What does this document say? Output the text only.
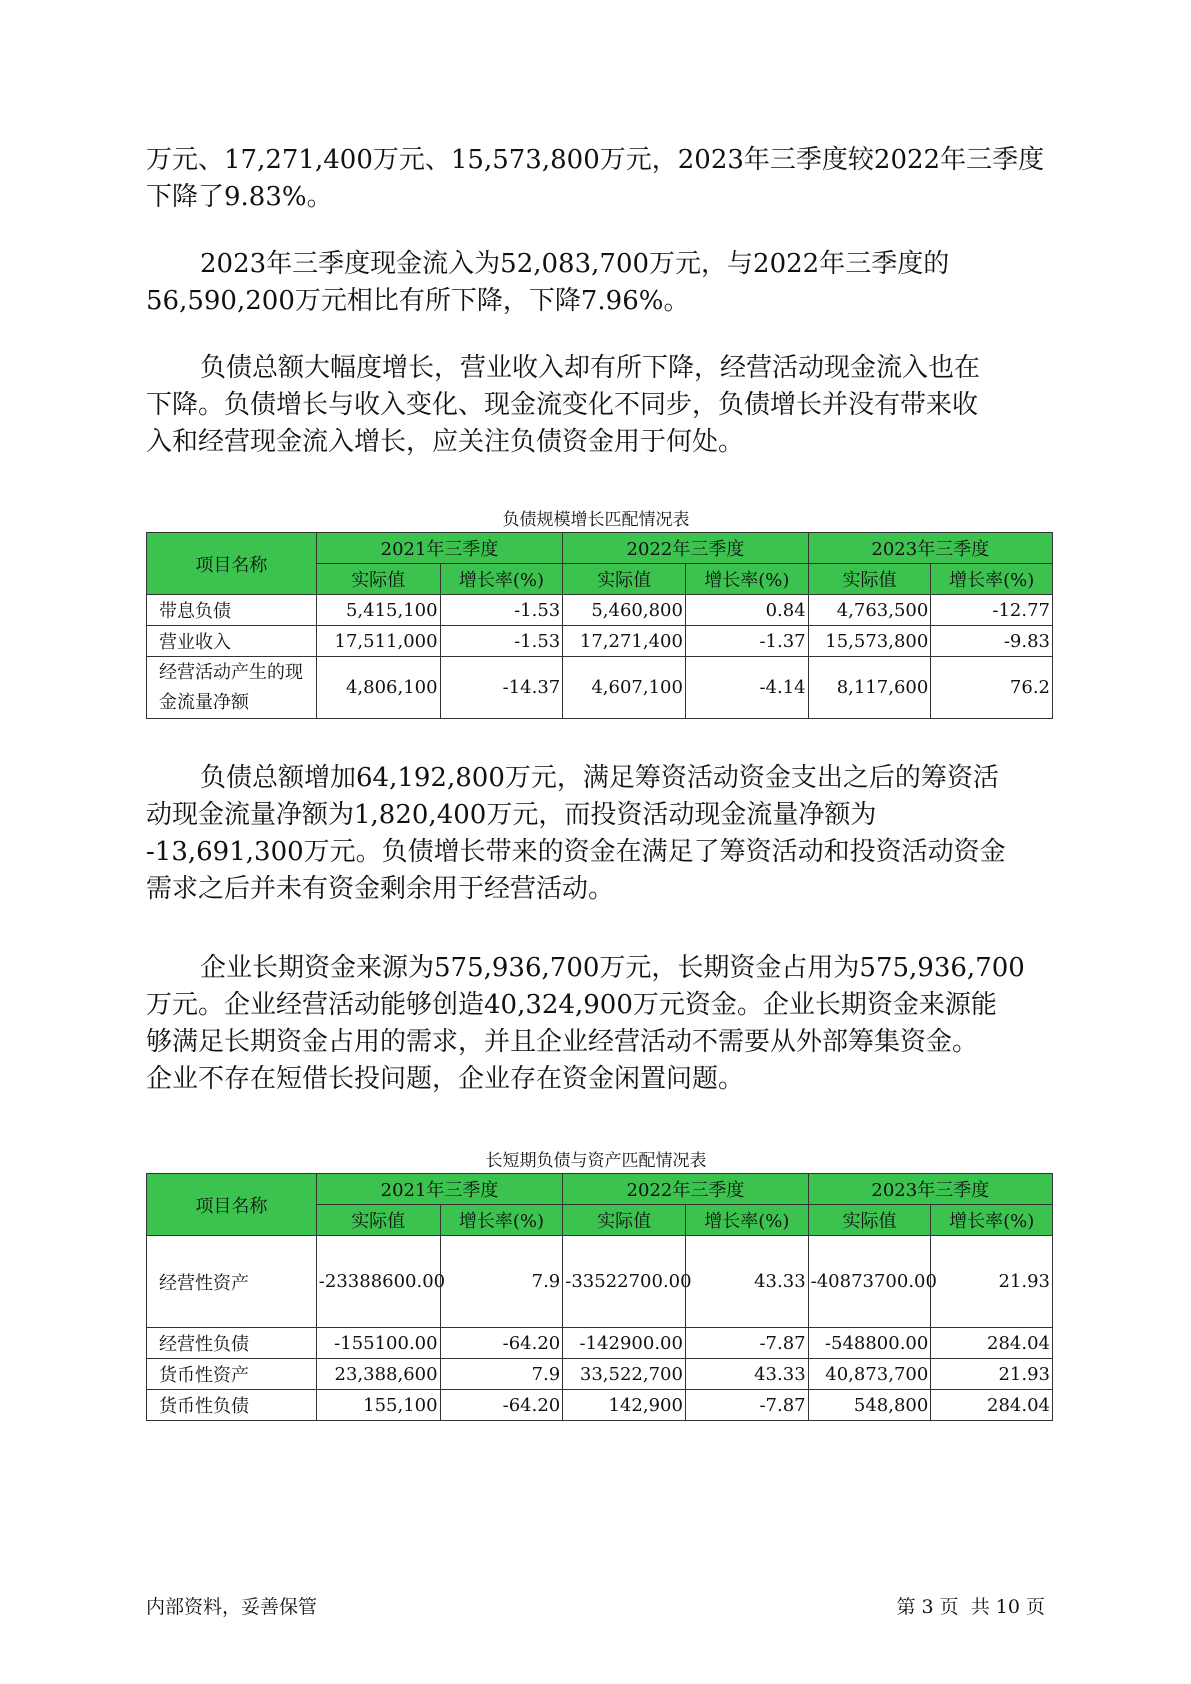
万元、17,271,400万元、15,573,800万元，2023年三季度较2022年三季度
下降了9.83%。

2023年三季度现金流入为52,083,700万元，与2022年三季度的
56,590,200万元相比有所下降，下降7.96%。

负债总额大幅度增长，营业收入却有所下降，经营活动现金流入也在
下降。负债增长与收入变化、现金流变化不同步，负债增长并没有带来收
入和经营现金流入增长，应关注负债资金用于何处。

负债规模增长匹配情况表
项目名称	2021年三季度		2022年三季度		2023年三季度	
	实际值	增长率(%)	实际值	增长率(%)	实际值	增长率(%)
带息负债	5,415,100	-1.53	5,460,800	0.84	4,763,500	-12.77
营业收入	17,511,000	-1.53	17,271,400	-1.37	15,573,800	-9.83
经营活动产生的现金流量净额	4,806,100	-14.37	4,607,100	-4.14	8,117,600	76.2

负债总额增加64,192,800万元，满足筹资活动资金支出之后的筹资活
动现金流量净额为1,820,400万元，而投资活动现金流量净额为
-13,691,300万元。负债增长带来的资金在满足了筹资活动和投资活动资金
需求之后并未有资金剩余用于经营活动。

企业长期资金来源为575,936,700万元，长期资金占用为575,936,700
万元。企业经营活动能够创造40,324,900万元资金。企业长期资金来源能
够满足长期资金占用的需求，并且企业经营活动不需要从外部筹集资金。
企业不存在短借长投问题，企业存在资金闲置问题。

长短期负债与资产匹配情况表
项目名称	2021年三季度		2022年三季度		2023年三季度	
	实际值	增长率(%)	实际值	增长率(%)	实际值	增长率(%)
经营性资产	-23388600.00	7.9	-33522700.00	43.33	-40873700.00	21.93
经营性负债	-155100.00	-64.20	-142900.00	-7.87	-548800.00	284.04
货币性资产	23,388,600	7.9	33,522,700	43.33	40,873,700	21.93
货币性负债	155,100	-64.20	142,900	-7.87	548,800	284.04
内部资料，妥善保管	第 3 页  共 10 页
